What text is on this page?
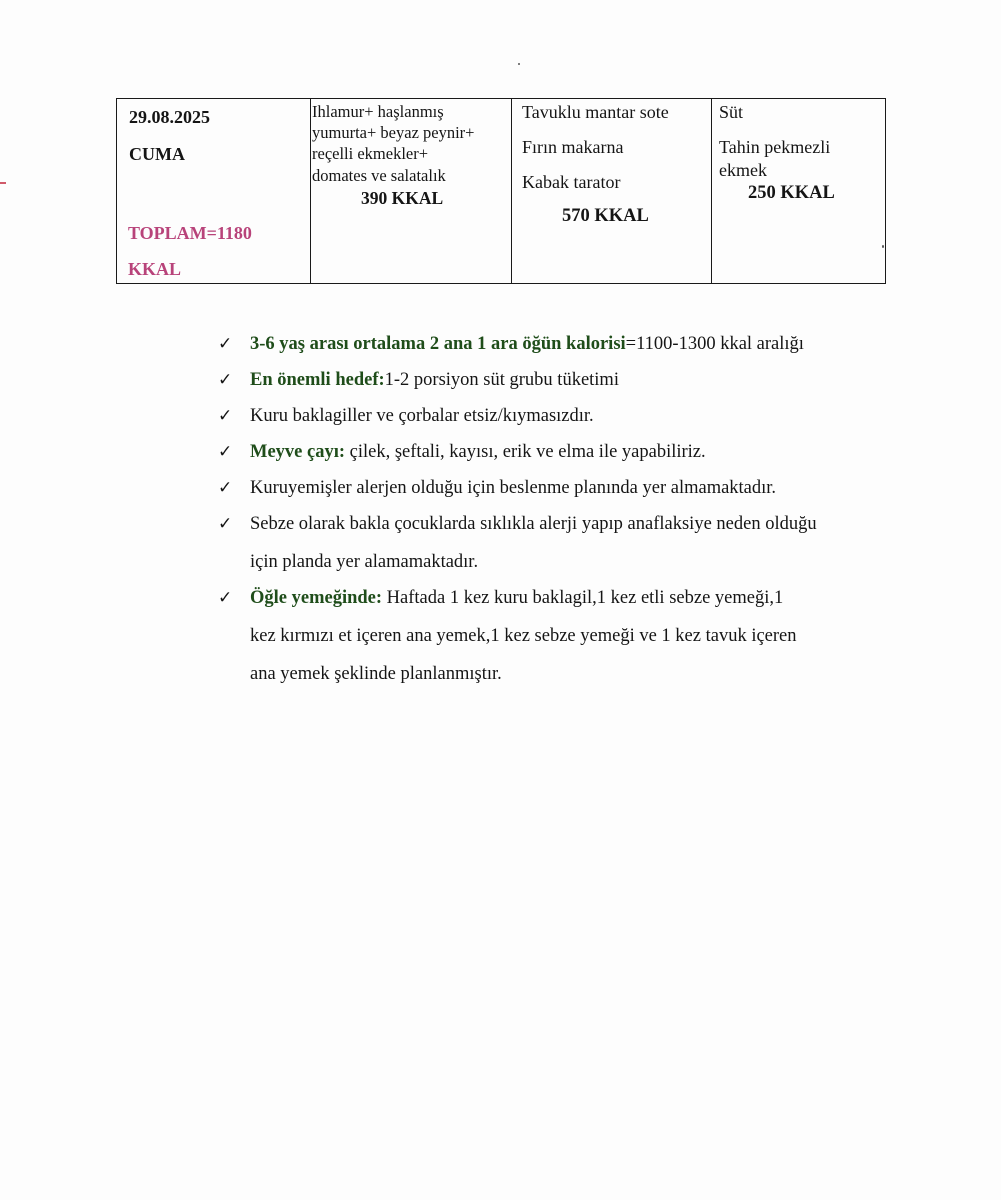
29.08.2025
CUMA
TOPLAM=1180
KKAL
Ihlamur+ haşlanmış
yumurta+ beyaz peynir+
reçelli ekmekler+
domates ve salatalık
390 KKAL
Tavuklu mantar sote
Fırın makarna
Kabak tarator
570 KKAL
Süt
Tahin pekmezli
ekmek
250 KKAL
✓ 3-6 yaş arası ortalama 2 ana 1 ara öğün kalorisi=1100-1300 kkal aralığı
✓ En önemli hedef:1-2 porsiyon süt grubu tüketimi
✓ Kuru baklagiller ve çorbalar etsiz/kıymasızdır.
✓ Meyve çayı: çilek, şeftali, kayısı, erik ve elma ile yapabiliriz.
✓ Kuruyemişler alerjen olduğu için beslenme planında yer almamaktadır.
✓ Sebze olarak bakla çocuklarda sıklıkla alerji yapıp anaflaksiye neden olduğu
için planda yer alamamaktadır.
✓ Öğle yemeğinde: Haftada 1 kez kuru baklagil,1 kez etli sebze yemeği,1
kez kırmızı et içeren ana yemek,1 kez sebze yemeği ve 1 kez tavuk içeren
ana yemek şeklinde planlanmıştır.
